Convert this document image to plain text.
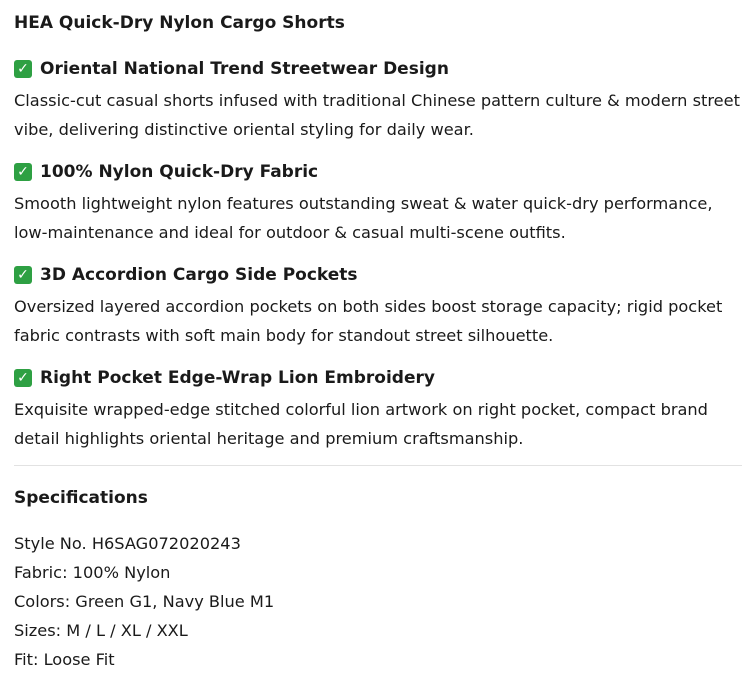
HEA Quick-Dry Nylon Cargo Shorts
✓ Oriental National Trend Streetwear Design

Classic-cut casual shorts infused with traditional Chinese pattern culture & modern street vibe, delivering distinctive oriental styling for daily wear.

✓ 100% Nylon Quick-Dry Fabric

Smooth lightweight nylon features outstanding sweat & water quick-dry performance, low-maintenance and ideal for outdoor & casual multi-scene outfits.

✓ 3D Accordion Cargo Side Pockets

Oversized layered accordion pockets on both sides boost storage capacity; rigid pocket fabric contrasts with soft main body for standout street silhouette.

✓ Right Pocket Edge-Wrap Lion Embroidery

Exquisite wrapped-edge stitched colorful lion artwork on right pocket, compact brand detail highlights oriental heritage and premium craftsmanship.

Specifications
Style No. H6SAG072020243
Fabric: 100% Nylon
Colors: Green G1, Navy Blue M1
Sizes: M / L / XL / XXL
Fit: Loose Fit
